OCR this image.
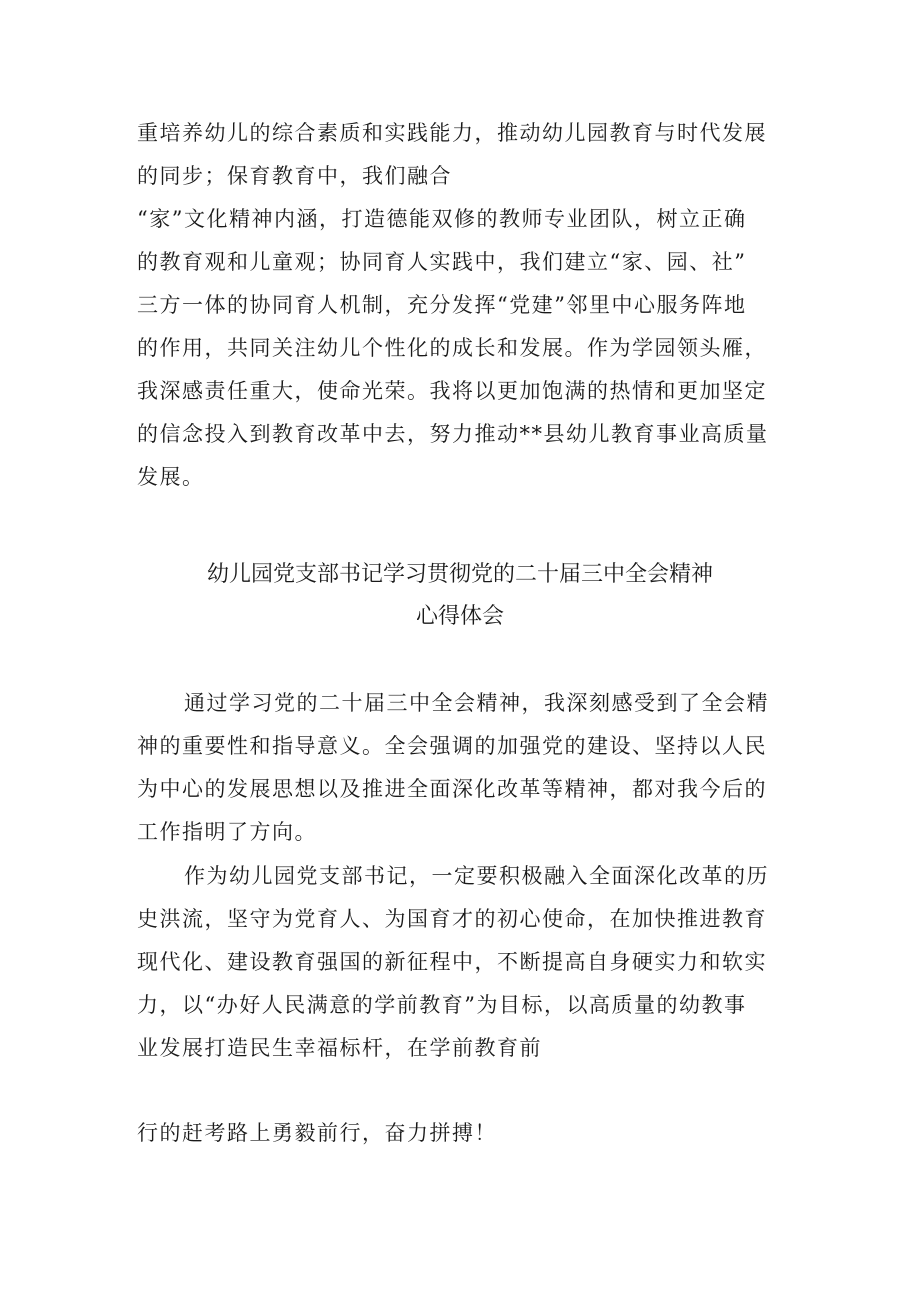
重培养幼儿的综合素质和实践能力，推动幼儿园教育与时代发展
的同步；保育教育中，我们融合
“家”文化精神内涵，打造德能双修的教师专业团队，树立正确
的教育观和儿童观；协同育人实践中，我们建立“家、园、社”
三方一体的协同育人机制，充分发挥“党建”邻里中心服务阵地
的作用，共同关注幼儿个性化的成长和发展。作为学园领头雁，
我深感责任重大，使命光荣。我将以更加饱满的热情和更加坚定
的信念投入到教育改革中去，努力推动**县幼儿教育事业高质量
发展。
幼儿园党支部书记学习贯彻党的二十届三中全会精神
心得体会
通过学习党的二十届三中全会精神，我深刻感受到了全会精
神的重要性和指导意义。全会强调的加强党的建设、坚持以人民
为中心的发展思想以及推进全面深化改革等精神，都对我今后的
工作指明了方向。
作为幼儿园党支部书记，一定要积极融入全面深化改革的历
史洪流，坚守为党育人、为国育才的初心使命，在加快推进教育
现代化、建设教育强国的新征程中，不断提高自身硬实力和软实
力，以“办好人民满意的学前教育”为目标，以高质量的幼教事
业发展打造民生幸福标杆，在学前教育前
行的赶考路上勇毅前行，奋力拼搏！
